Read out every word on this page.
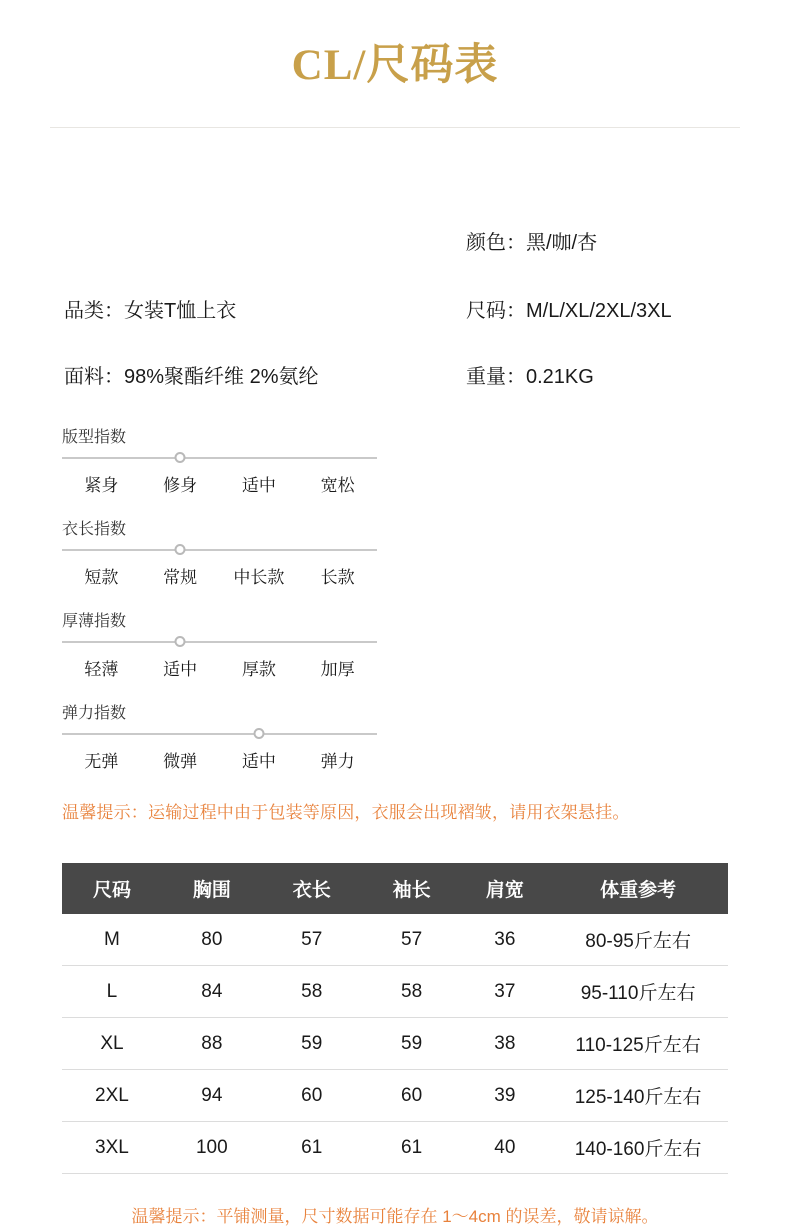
CL/尺码表
颜色：黑/咖/杏
品类：女装T恤上衣	尺码：M/L/XL/2XL/3XL
面料：98%聚酯纤维 2%氨纶	重量：0.21KG
版型指数
紧身	修身	适中	宽松
衣长指数
短款	常规	中长款	长款
厚薄指数
轻薄	适中	厚款	加厚
弹力指数
无弹	微弹	适中	弹力
温馨提示：运输过程中由于包装等原因，衣服会出现褶皱，请用衣架悬挂。
尺码	胸围	衣长	袖长	肩宽	体重参考
M	80	57	57	36	80-95斤左右
L	84	58	58	37	95-110斤左右
XL	88	59	59	38	110-125斤左右
2XL	94	60	60	39	125-140斤左右
3XL	100	61	61	40	140-160斤左右
温馨提示：平铺测量，尺寸数据可能存在 1～4cm 的误差，敬请谅解。
